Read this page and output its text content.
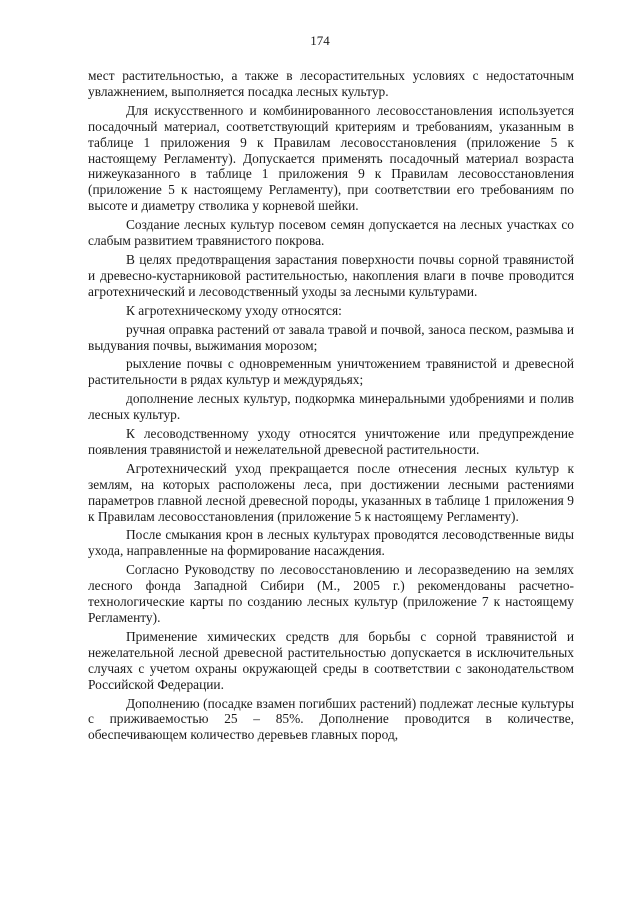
174

мест растительностью, а также в лесорастительных условиях с недостаточным увлажнением, выполняется посадка лесных культур.

Для искусственного и комбинированного лесовосстановления используется посадочный материал, соответствующий критериям и требованиям, указанным в таблице 1 приложения 9 к Правилам лесовосстановления (приложение 5 к настоящему Регламенту). Допускается применять посадочный материал возраста нижеуказанного в таблице 1 приложения 9 к Правилам лесовосстановления (приложение 5 к настоящему Регламенту), при соответствии его требованиям по высоте и диаметру стволика у корневой шейки.

Создание лесных культур посевом семян допускается на лесных участках со слабым развитием травянистого покрова.

В целях предотвращения зарастания поверхности почвы сорной травянистой и древесно-кустарниковой растительностью, накопления влаги в почве проводится агротехнический и лесоводственный уходы за лесными культурами.

К агротехническому уходу относятся:

ручная оправка растений от завала травой и почвой, заноса песком, размыва и выдувания почвы, выжимания морозом;

рыхление почвы с одновременным уничтожением травянистой и древесной растительности в рядах культур и междурядьях;

дополнение лесных культур, подкормка минеральными удобрениями и полив лесных культур.

К лесоводственному уходу относятся уничтожение или предупреждение появления травянистой и нежелательной древесной растительности.

Агротехнический уход прекращается после отнесения лесных культур к землям, на которых расположены леса, при достижении лесными растениями параметров главной лесной древесной породы, указанных в таблице 1 приложения 9 к Правилам лесовосстановления (приложение 5 к настоящему Регламенту).

После смыкания крон в лесных культурах проводятся лесоводственные виды ухода, направленные на формирование насаждения.

Согласно Руководству по лесовосстановлению и лесоразведению на землях лесного фонда Западной Сибири (М., 2005 г.) рекомендованы расчетно-технологические карты по созданию лесных культур (приложение 7 к настоящему Регламенту).

Применение химических средств для борьбы с сорной травянистой и нежелательной лесной древесной растительностью допускается в исключительных случаях с учетом охраны окружающей среды в соответствии с законодательством Российской Федерации.

Дополнению (посадке взамен погибших растений) подлежат лесные культуры с приживаемостью 25 – 85%. Дополнение проводится в количестве, обеспечивающем количество деревьев главных пород,
